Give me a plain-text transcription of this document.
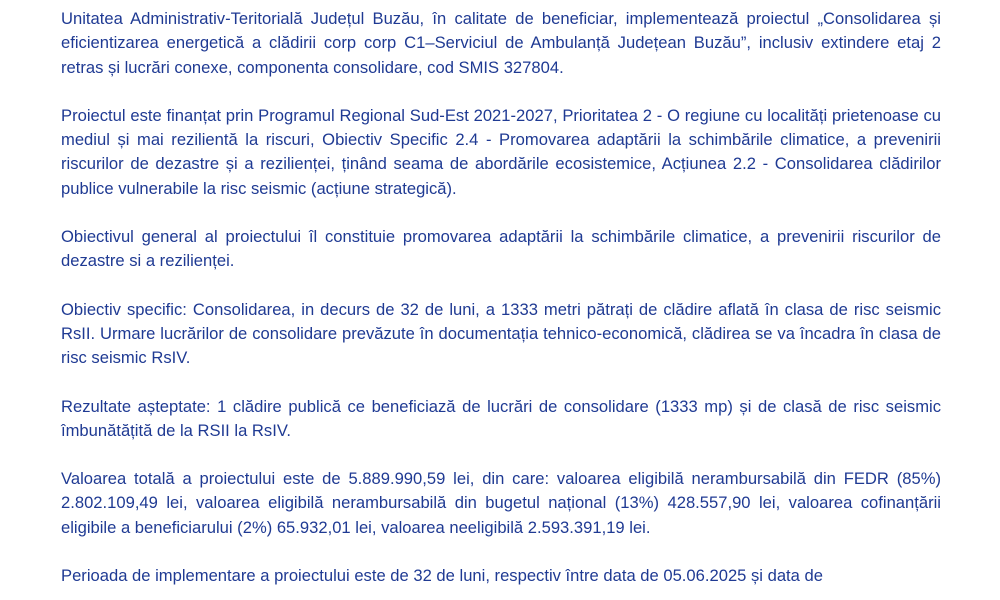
Unitatea Administrativ-Teritorială Județul Buzău, în calitate de beneficiar, implementează proiectul „Consolidarea și eficientizarea energetică a clădirii corp corp C1–Serviciul de Ambulanță Județean Buzău”, inclusiv extindere etaj 2 retras și lucrări conexe, componenta consolidare, cod SMIS 327804.

Proiectul este finanțat prin Programul Regional Sud-Est 2021-2027, Prioritatea 2 - O regiune cu localități prietenoase cu mediul și mai rezilientă la riscuri, Obiectiv Specific 2.4 - Promovarea adaptării la schimbările climatice, a prevenirii riscurilor de dezastre și a rezilienței, ținând seama de abordările ecosistemice, Acțiunea 2.2 - Consolidarea clădirilor publice vulnerabile la risc seismic (acțiune strategică).

Obiectivul general al proiectului îl constituie promovarea adaptării la schimbările climatice, a prevenirii riscurilor de dezastre si a rezilienței.

Obiectiv specific: Consolidarea, in decurs de 32 de luni, a 1333 metri pătrați de clădire aflată în clasa de risc seismic RsII. Urmare lucrărilor de consolidare prevăzute în documentația tehnico-economică, clădirea se va încadra în clasa de risc seismic RsIV.

Rezultate așteptate: 1 clădire publică ce beneficiază de lucrări de consolidare (1333 mp) și de clasă de risc seismic îmbunătățită de la RSII la RsIV.

Valoarea totală a proiectului este de 5.889.990,59 lei, din care: valoarea eligibilă nerambursabilă din FEDR (85%) 2.802.109,49 lei, valoarea eligibilă nerambursabilă din bugetul național (13%) 428.557,90 lei, valoarea cofinanțării eligibile a beneficiarului (2%) 65.932,01 lei, valoarea neeligibilă 2.593.391,19 lei.

Perioada de implementare a proiectului este de 32 de luni, respectiv între data de 05.06.2025 și data de
